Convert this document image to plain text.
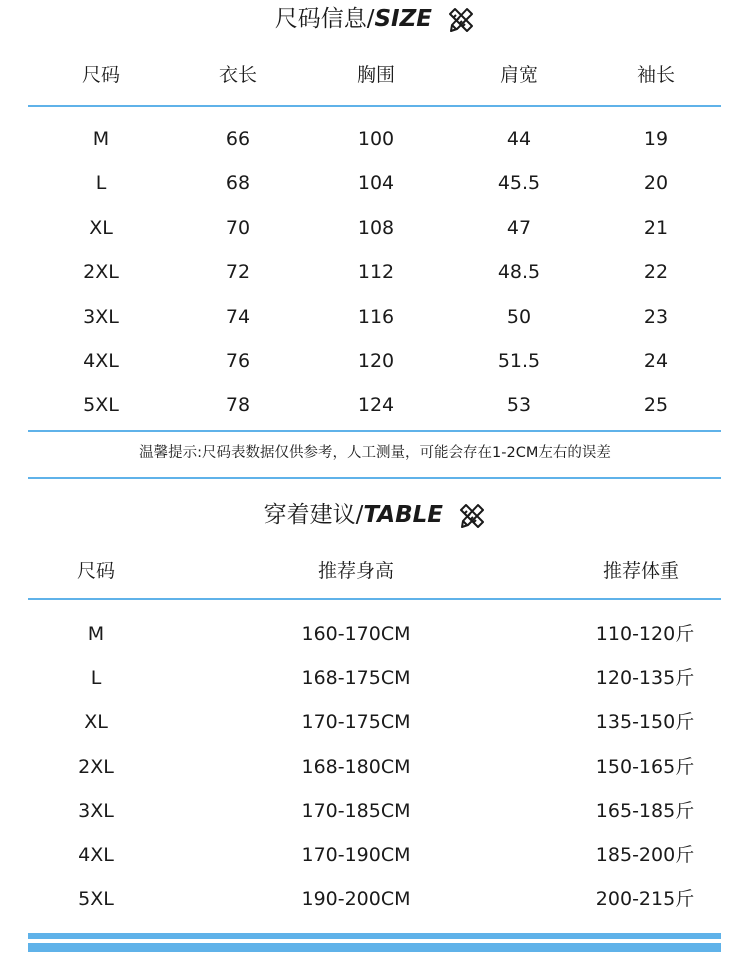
尺码信息/SIZE
尺码	衣长	胸围	肩宽	袖长
M	66	100	44	19
L	68	104	45.5	20
XL	70	108	47	21
2XL	72	112	48.5	22
3XL	74	116	50	23
4XL	76	120	51.5	24
5XL	78	124	53	25
温馨提示:尺码表数据仅供参考，人工测量，可能会存在1-2CM左右的误差
穿着建议/TABLE
尺码	推荐身高	推荐体重
M	160-170CM	110-120斤
L	168-175CM	120-135斤
XL	170-175CM	135-150斤
2XL	168-180CM	150-165斤
3XL	170-185CM	165-185斤
4XL	170-190CM	185-200斤
5XL	190-200CM	200-215斤
